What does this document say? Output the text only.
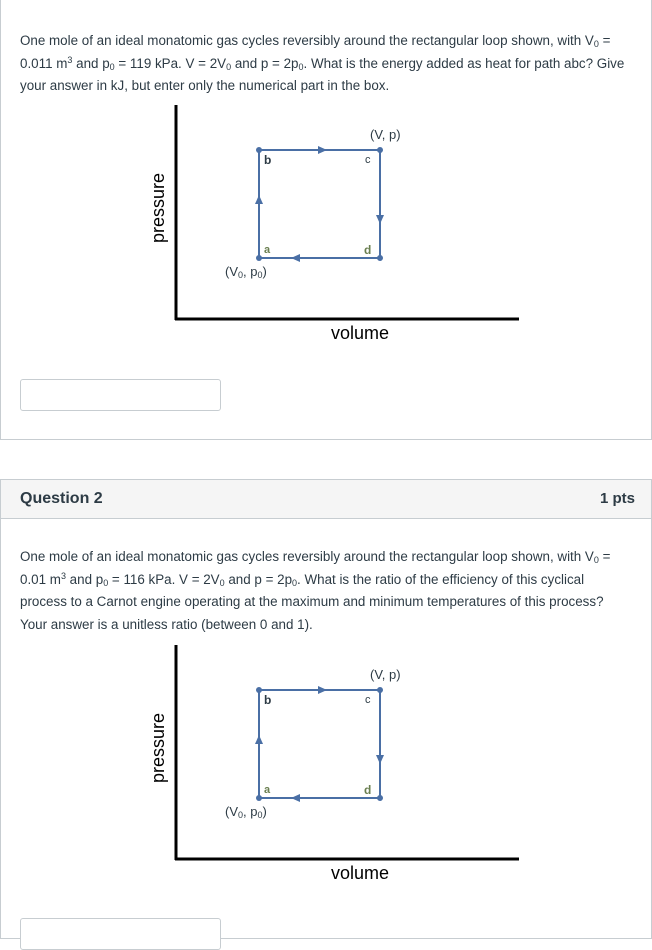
One mole of an ideal monatomic gas cycles reversibly around the rectangular loop shown, with $V_0 = 0.011$ $m^3$ and $p_0 = 119$ kPa. $V = 2V_0$ and $p = 2p_0$. What is the energy added as heat for path abc? Give your answer in kJ, but enter only the numerical part in the box.
pressure
volume
a
b	c
d
(V, p)
(V0, p0)
Question 2	1 pts
One mole of an ideal monatomic gas cycles reversibly around the rectangular loop shown, with $V_0 = 0.01$ $m^3$ and $p_0 = 116$ kPa. $V = 2V_0$ and $p = 2p_0$. What is the ratio of the efficiency of this cyclical process to a Carnot engine operating at the maximum and minimum temperatures of this process? Your answer is a unitless ratio (between 0 and 1).
pressure
volume
a
b	c
d
(V, p)
(V0, p0)
